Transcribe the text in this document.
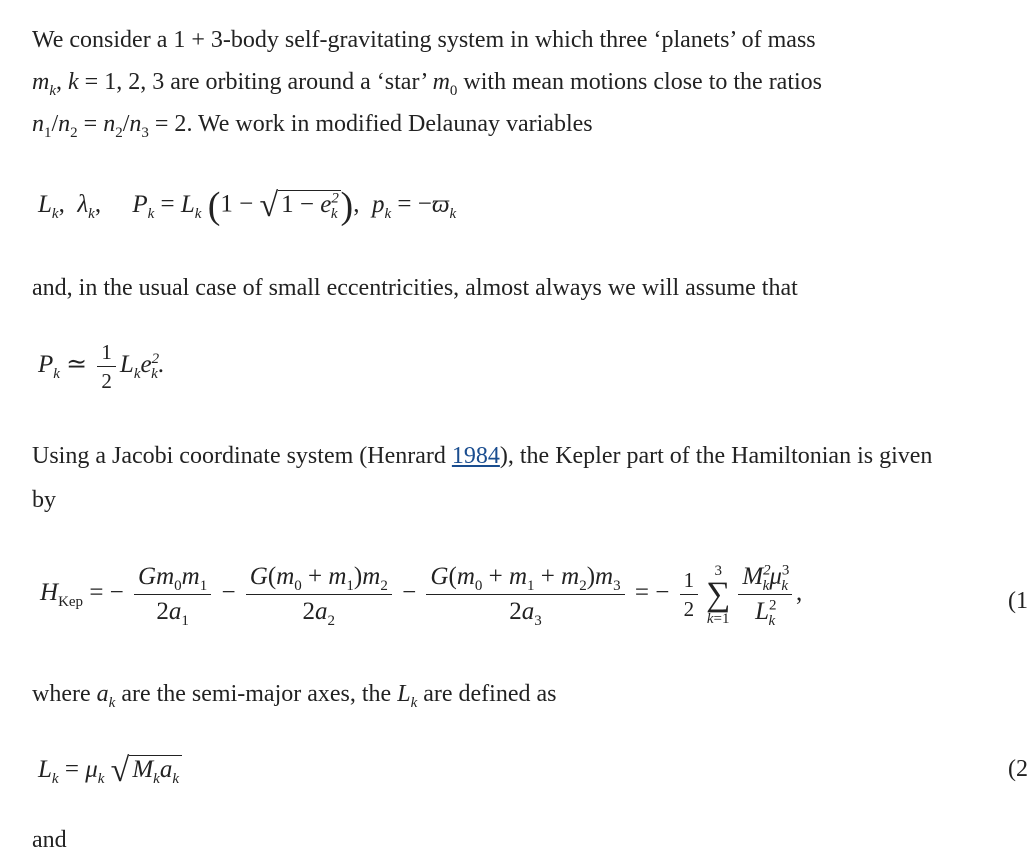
We consider a 1 + 3-body self-gravitating system in which three ‘planets’ of mass
$m_k$, k = 1, 2, 3 are orbiting around a ‘star’ $m_0$ with mean motions close to the ratios
$n_1/n_2 = n_2/n_3 = 2$. We work in modified Delaunay variables
$L_k$,  $\lambda_k$,     $P_k = L_k$ (1 − √ $1 - e^2_k$),  $p_k = -ϖ_k$
and, in the usual case of small eccentricities, almost always we will assume that
$P_k$ ≃ $\frac{1}{2} L_ke^2_k$.
Using a Jacobi coordinate system (Henrard 1984), the Kepler part of the Hamiltonian is given
by
$H_{Kep}$ = − $\frac{Gm_0m_1}{2a_1} - \frac{G(m_0 + m_1)m_2}{2a_2} - \frac{G(m_0 + m_1 + m_2)m_3}{2a_3}$ = − $\frac{1}{2} 3$
∑
$k=1 \frac{M^2_k\mu^3_k}{L^2_k}$ ,	(1
where $a_k$ are the semi-major axes, the $L_k$ are defined as
$L_k = \mu_k$ √ $M_ka_k$	(2
and
